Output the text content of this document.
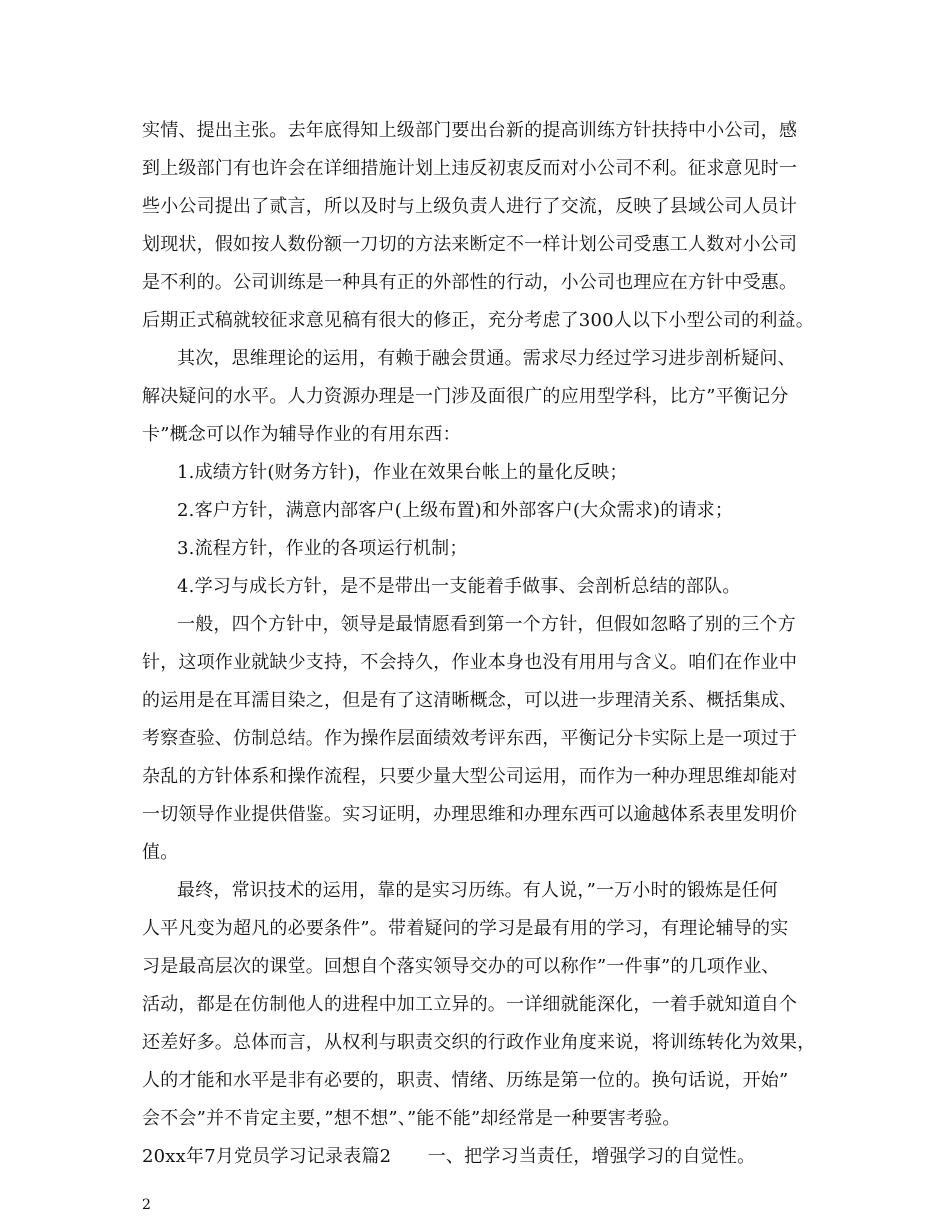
实情、提出主张。去年底得知上级部门要出台新的提高训练方针扶持中小公司，感
到上级部门有也许会在详细措施计划上违反初衷反而对小公司不利。征求意见时一
些小公司提出了贰言，所以及时与上级负责人进行了交流，反映了县域公司人员计
划现状，假如按人数份额一刀切的方法来断定不一样计划公司受惠工人数对小公司
是不利的。公司训练是一种具有正的外部性的行动，小公司也理应在方针中受惠。
后期正式稿就较征求意见稿有很大的修正，充分考虑了300人以下小型公司的利益。
其次，思维理论的运用，有赖于融会贯通。需求尽力经过学习进步剖析疑问、
解决疑问的水平。人力资源办理是一门涉及面很广的应用型学科，比方”平衡记分
卡”概念可以作为辅导作业的有用东西：
1.成绩方针(财务方针)，作业在效果台帐上的量化反映；
2.客户方针，满意内部客户(上级布置)和外部客户(大众需求)的请求；
3.流程方针，作业的各项运行机制；
4.学习与成长方针，是不是带出一支能着手做事、会剖析总结的部队。
一般，四个方针中，领导是最情愿看到第一个方针，但假如忽略了别的三个方
针，这项作业就缺少支持，不会持久，作业本身也没有用用与含义。咱们在作业中
的运用是在耳濡目染之，但是有了这清晰概念，可以进一步理清关系、概括集成、
考察查验、仿制总结。作为操作层面绩效考评东西，平衡记分卡实际上是一项过于
杂乱的方针体系和操作流程，只要少量大型公司运用，而作为一种办理思维却能对
一切领导作业提供借鉴。实习证明，办理思维和办理东西可以逾越体系表里发明价
值。
最终，常识技术的运用，靠的是实习历练。有人说，”一万小时的锻炼是任何
人平凡变为超凡的必要条件”。带着疑问的学习是最有用的学习，有理论辅导的实
习是最高层次的课堂。回想自个落实领导交办的可以称作”一件事”的几项作业、
活动，都是在仿制他人的进程中加工立异的。一详细就能深化，一着手就知道自个
还差好多。总体而言，从权利与职责交织的行政作业角度来说，将训练转化为效果，
人的才能和水平是非有必要的，职责、情绪、历练是第一位的。换句话说，开始”
会不会”并不肯定主要，”想不想”、”能不能”却经常是一种要害考验。
20xx年7月党员学习记录表篇2　　一、把学习当责任，增强学习的自觉性。
2
